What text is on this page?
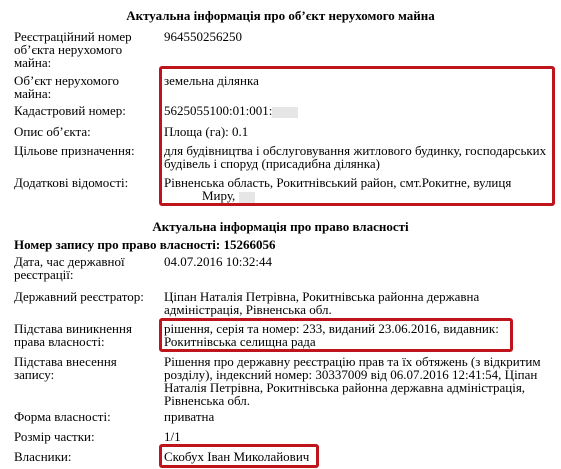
Актуальна інформація про об’єкт нерухомого майна
Реєстраційний номер об’єкта нерухомого майна:
964550256250
Об’єкт нерухомого майна:
земельна ділянка
Кадастровий номер:	5625055100:01:001:
Опис об’єкта:	Площа (га): 0.1
Цільове призначення:	для будівництва і обслуговування житлового будинку, господарських будівель і споруд (присадибна ділянка)
Додаткові відомості:	Рівненська область, Рокитнівський район, смт.Рокитне, вулиця
Миру,
Актуальна інформація про право власності
Номер запису про право власності: 15266056
Дата, час державної реєстрації:
04.07.2016 10:32:44
Державний реєстратор:	Ціпан Наталія Петрівна, Рокитнівська районна державна адміністрація, Рівненська обл.
Підстава виникнення права власності:
рішення, серія та номер: 233, виданий 23.06.2016, видавник: Рокитнівська селищна рада
Підстава внесення запису:
Рішення про державну реєстрацію прав та їх обтяжень (з відкритим розділу), індексний номер: 30337009 від 06.07.2016 12:41:54, Ціпан Наталія Петрівна, Рокитнівська районна державна адміністрація, Рівненська обл.
Форма власності:	приватна
Розмір частки:	1/1
Власники:	Скобух Іван Миколайович
